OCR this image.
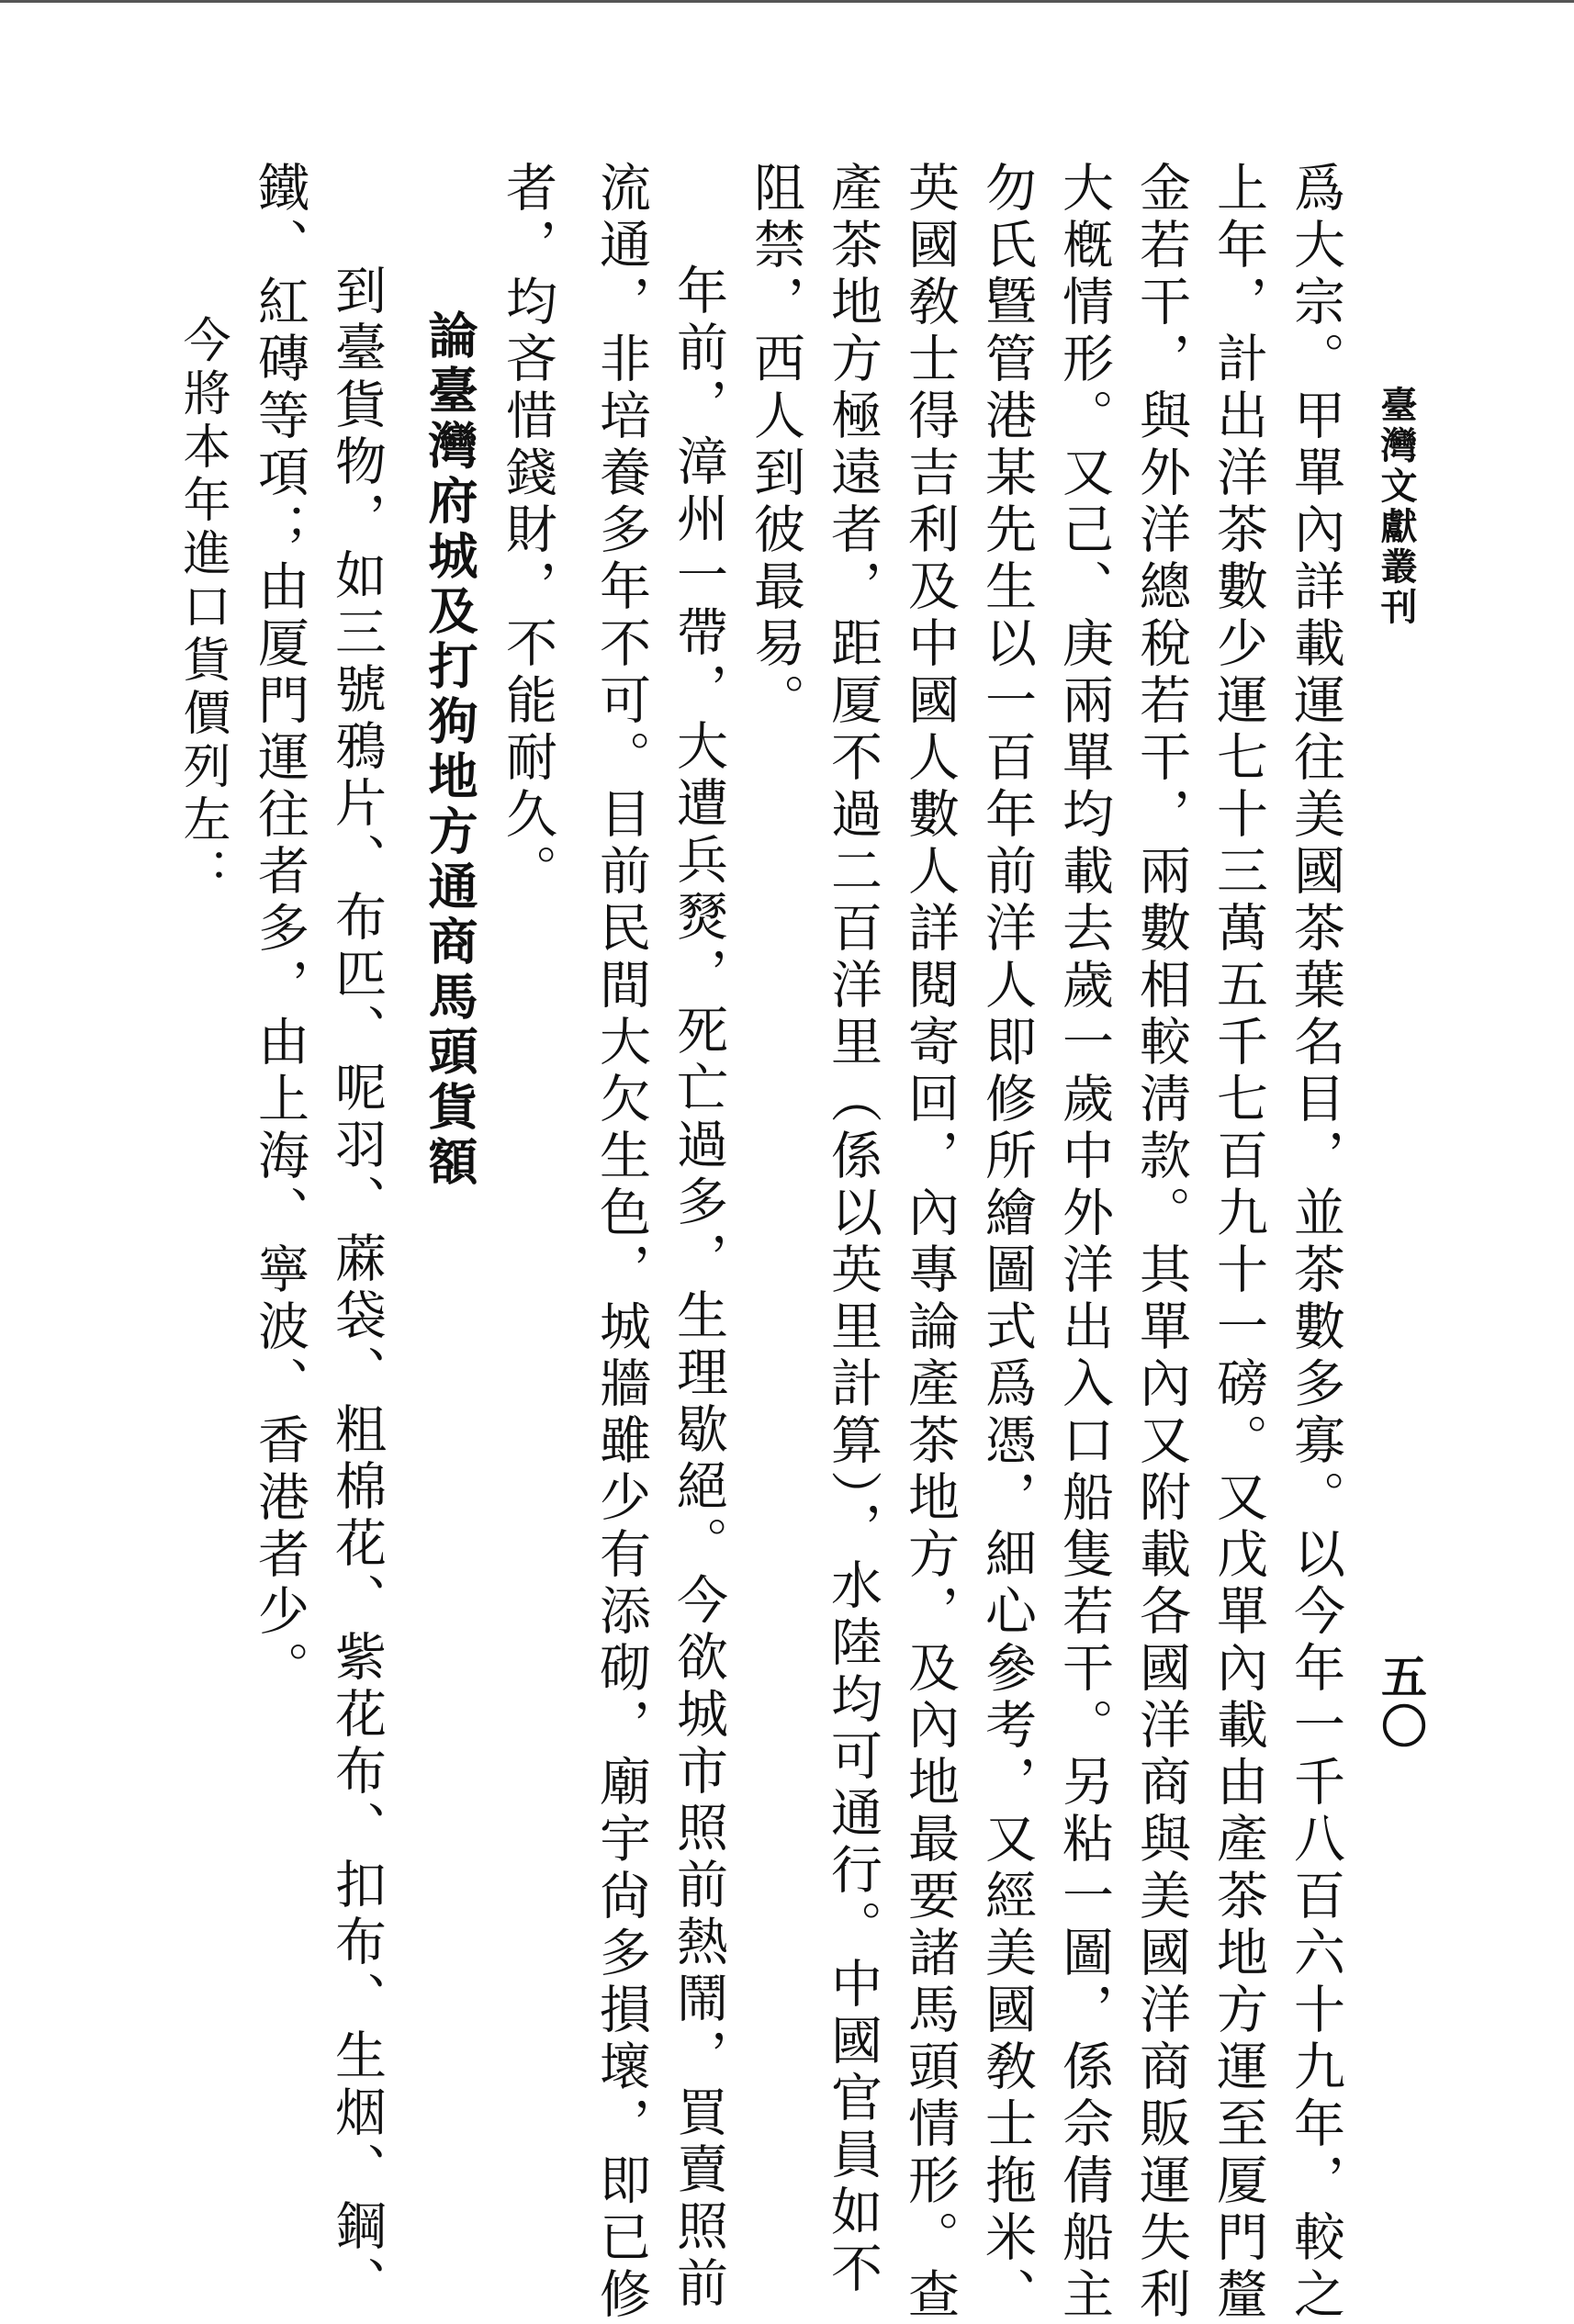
臺灣文獻叢刊
五〇
爲大宗。甲單內詳載運往美國茶葉名目，並茶數多寡。以今年一千八百六十九年，較之
上年，計出洋茶數少運七十三萬五千七百九十一磅。又戊單內載由產茶地方運至厦門釐
金若干，與外洋總稅若干，兩數相較淸款。其單內又附載各國洋商與美國洋商販運失利
大槪情形。又己、庚兩單均載去歲一歲中外洋出入口船隻若干。另粘一圖，係佘倩船主
勿氏曁管港某先生以一百年前洋人即修所繪圖式爲憑，細心參考，又經美國敎士拖米、
英國敎士得吉利及中國人數人詳閱寄回，內專論產茶地方，及內地最要諸馬頭情形。查
產茶地方極遠者，距厦不過二百洋里（係以英里計算），水陸均可通行。中國官員如不
阻禁，西人到彼最易。
年前，漳州一帶，大遭兵燹，死亡過多，生理歇絕。今欲城市照前熱鬧，買賣照前
流通，非培養多年不可。目前民間大欠生色，城牆雖少有添砌，廟宇尙多損壞，即已修
者，均吝惜錢財，不能耐久。
論臺灣府城及打狗地方通商馬頭貨額
到臺貨物，如三號鴉片、布匹、呢羽、蔴袋、粗棉花、紫花布、扣布、生烟、鋼、
鐵、紅磚等項；由厦門運往者多，由上海、寧波、香港者少。
今將本年進口貨價列左：
